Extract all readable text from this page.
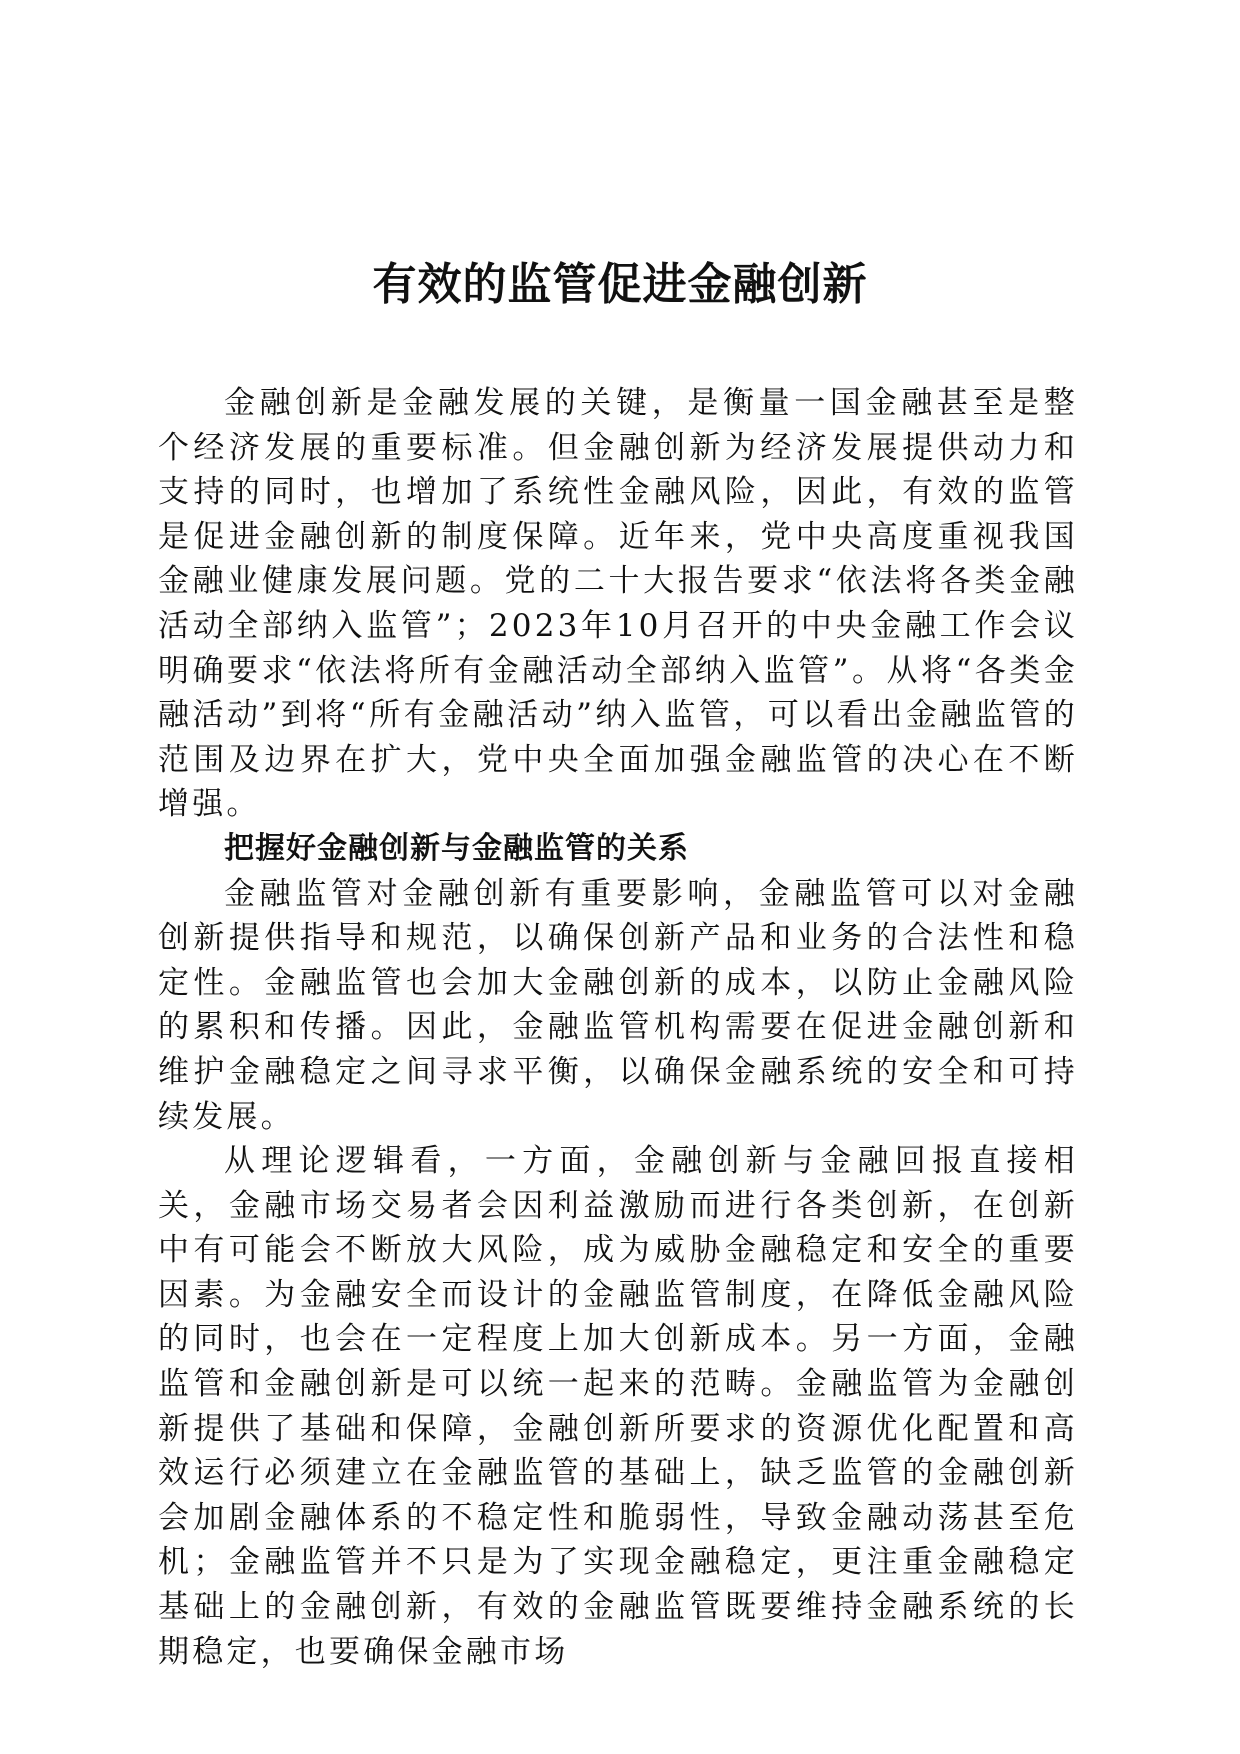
有效的监管促进金融创新

金融创新是金融发展的关键，是衡量一国金融甚至是整个经济发展的重要标准。但金融创新为经济发展提供动力和支持的同时，也增加了系统性金融风险，因此，有效的监管是促进金融创新的制度保障。近年来，党中央高度重视我国金融业健康发展问题。党的二十大报告要求“依法将各类金融活动全部纳入监管”；2023年10月召开的中央金融工作会议明确要求“依法将所有金融活动全部纳入监管”。从将“各类金融活动”到将“所有金融活动”纳入监管，可以看出金融监管的范围及边界在扩大，党中央全面加强金融监管的决心在不断增强。

把握好金融创新与金融监管的关系

金融监管对金融创新有重要影响，金融监管可以对金融创新提供指导和规范，以确保创新产品和业务的合法性和稳定性。金融监管也会加大金融创新的成本，以防止金融风险的累积和传播。因此，金融监管机构需要在促进金融创新和维护金融稳定之间寻求平衡，以确保金融系统的安全和可持续发展。

从理论逻辑看，一方面，金融创新与金融回报直接相关，金融市场交易者会因利益激励而进行各类创新，在创新中有可能会不断放大风险，成为威胁金融稳定和安全的重要因素。为金融安全而设计的金融监管制度，在降低金融风险的同时，也会在一定程度上加大创新成本。另一方面，金融监管和金融创新是可以统一起来的范畴。金融监管为金融创新提供了基础和保障，金融创新所要求的资源优化配置和高效运行必须建立在金融监管的基础上，缺乏监管的金融创新会加剧金融体系的不稳定性和脆弱性，导致金融动荡甚至危机；金融监管并不只是为了实现金融稳定，更注重金融稳定基础上的金融创新，有效的金融监管既要维持金融系统的长期稳定，也要确保金融市场
